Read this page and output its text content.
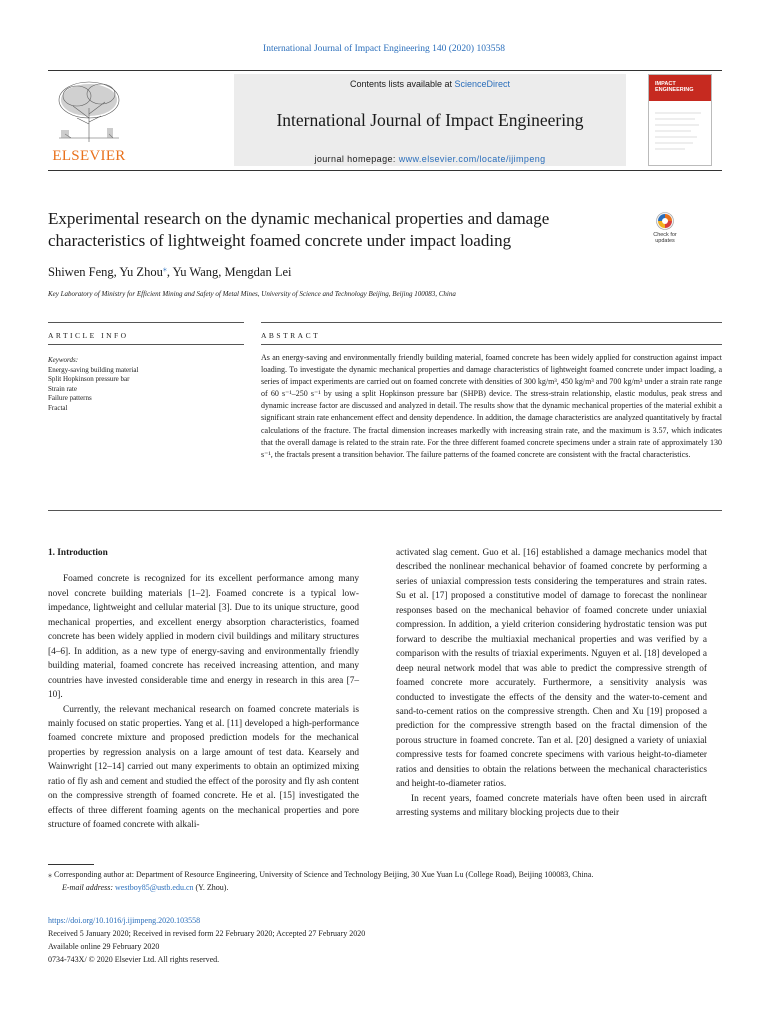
International Journal of Impact Engineering 140 (2020) 103558
ELSEVIER
Contents lists available at ScienceDirect
International Journal of Impact Engineering
journal homepage: www.elsevier.com/locate/ijimpeng
IMPACT ENGINEERING
Experimental research on the dynamic mechanical properties and damage characteristics of lightweight foamed concrete under impact loading	Check for updates
Shiwen Feng, Yu Zhou⁎, Yu Wang, Mengdan Lei
Key Laboratory of Ministry for Efficient Mining and Safety of Metal Mines, University of Science and Technology Beijing, Beijing 100083, China
ARTICLE INFO	ABSTRACT
Keywords:
Energy-saving building material
Split Hopkinson pressure bar
Strain rate
Failure patterns
Fractal
As an energy-saving and environmentally friendly building material, foamed concrete has been widely applied for construction against impact loading. To investigate the dynamic mechanical properties and damage characteristics of lightweight foamed concrete under impact loading, a series of impact experiments are carried out on foamed concrete with densities of 300 kg/m³, 450 kg/m³ and 700 kg/m³ under a strain rate range of 60 s⁻¹–250 s⁻¹ by using a split Hopkinson pressure bar (SHPB) device. The stress-strain relationship, elastic modulus, peak stress and dynamic increase factor are discussed and analyzed in detail. The results show that the dynamic mechanical properties of the material exhibit a significant strain rate enhancement effect and density dependence. In addition, the damage characteristics are analyzed quantitatively by fractal calculations of the fracture. The fractal dimension increases markedly with increasing strain rate, and the maximum is 3.57, which indicates that the overall damage is related to the strain rate. For the three different foamed concrete specimens under a strain rate of approximately 130 s⁻¹, the fractals present a transition behavior. The failure patterns of the foamed concrete are consistent with the fractal characteristics.
1. Introduction

Foamed concrete is recognized for its excellent performance among many novel concrete building materials [1–2]. Foamed concrete is a typical low-impedance, lightweight and cellular material [3]. Due to its unique structure, good mechanical properties, and excellent energy absorption characteristics, foamed concrete has been widely applied in modern civil buildings and military structures [4–6]. In addition, as a new type of energy-saving and environmentally friendly building material, foamed concrete has received increasing attention, and many countries have invested considerable time and energy in research in this area [7–10].

Currently, the relevant mechanical research on foamed concrete materials is mainly focused on static properties. Yang et al. [11] developed a high-performance foamed concrete mixture and proposed prediction models for the mechanical properties by regression analysis on a large amount of test data. Kearsely and Wainwright [12–14] carried out many experiments to obtain an optimized mixing ratio of fly ash and cement and studied the effect of the porosity and fly ash content on the compressive strength of foamed concrete. He et al. [15] investigated the effects of three different foaming agents on the mechanical properties and pore structure of foamed concrete with alkali-

activated slag cement. Guo et al. [16] established a damage mechanics model that described the nonlinear mechanical behavior of foamed concrete by performing a series of uniaxial compression tests considering the temperatures and strain rates. Su et al. [17] proposed a constitutive model of damage to forecast the nonlinear responses based on the mechanical behavior of foamed concrete under uniaxial compression. In addition, a yield criterion considering hydrostatic tension was put forward to describe the multiaxial mechanical properties and was verified by a comparison with the results of triaxial experiments. Nguyen et al. [18] developed a deep neural network model that was able to predict the compressive strength of foamed concrete more accurately. Furthermore, a sensitivity analysis was conducted to investigate the effects of the density and the water-to-cement and sand-to-cement ratios on the compressive strength. Chen and Xu [19] proposed a prediction for the compressive strength based on the fractal dimension of the porous structure in foamed concrete. Tan et al. [20] designed a variety of uniaxial compressive tests for foamed concrete specimens with various height-to-diameter ratios and densities to obtain the relations between the mechanical characteristics and height-to-diameter ratios.

In recent years, foamed concrete materials have often been used in aircraft arresting systems and military blocking projects due to their

⁎ Corresponding author at: Department of Resource Engineering, University of Science and Technology Beijing, 30 Xue Yuan Lu (College Road), Beijing 100083, China.
E-mail address: westboy85@ustb.edu.cn (Y. Zhou).
https://doi.org/10.1016/j.ijimpeng.2020.103558
Received 5 January 2020; Received in revised form 22 February 2020; Accepted 27 February 2020
Available online 29 February 2020
0734-743X/ © 2020 Elsevier Ltd. All rights reserved.
